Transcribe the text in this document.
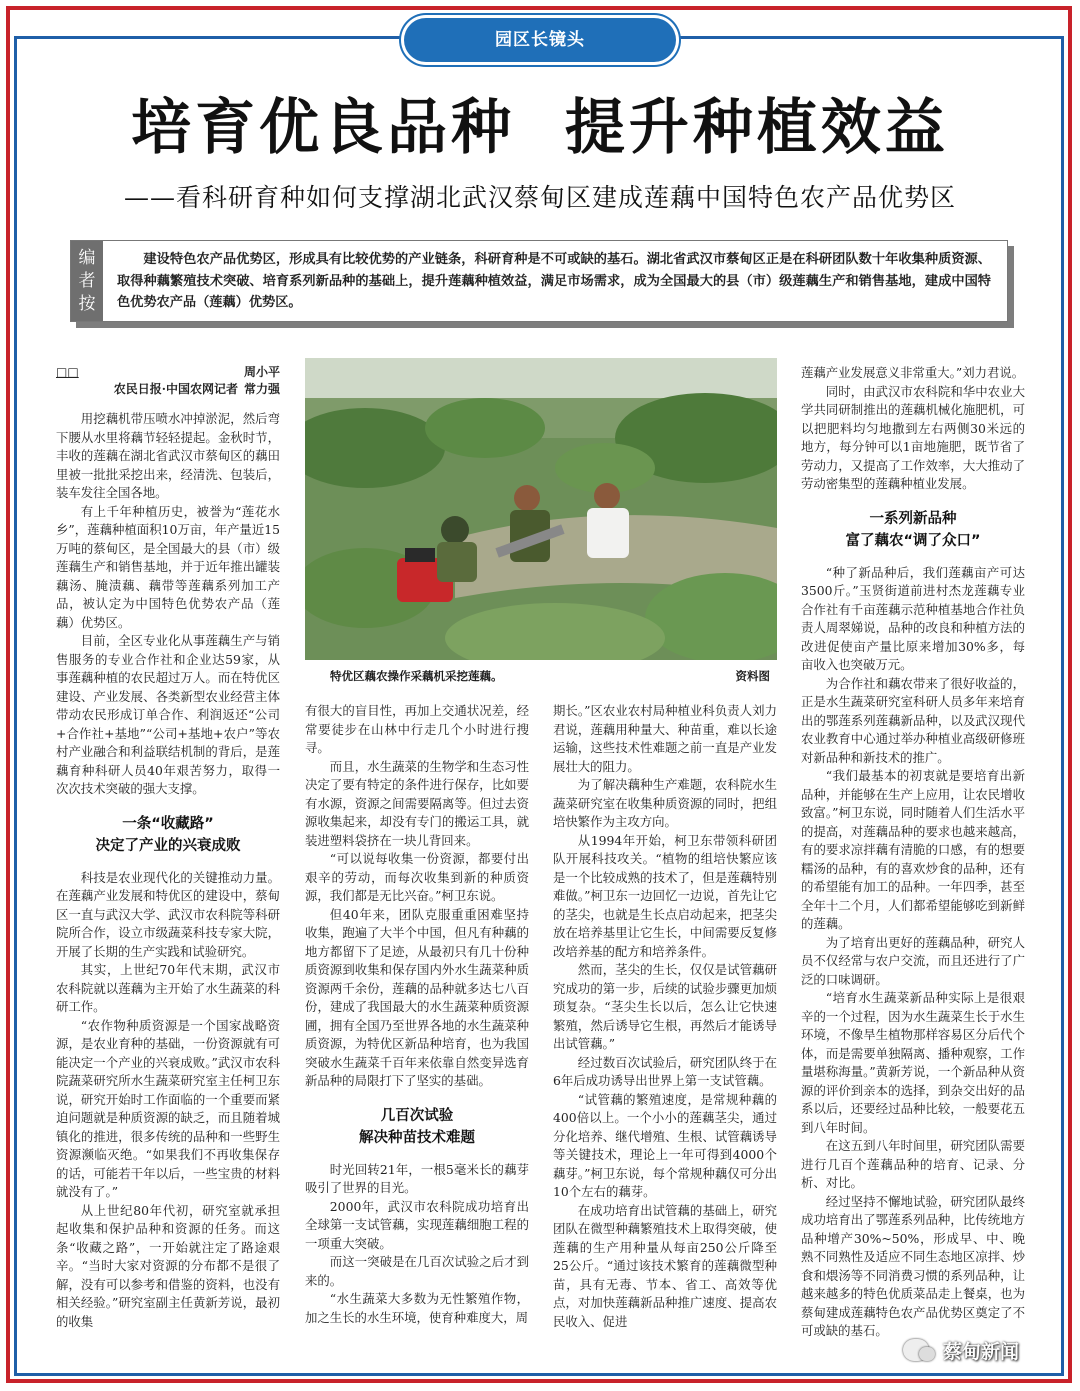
园区长镜头
培育优良品种  提升种植效益
——看科研育种如何支撑湖北武汉蔡甸区建成莲藕中国特色农产品优势区
编者按
建设特色农产品优势区，形成具有比较优势的产业链条，科研育种是不可或缺的基石。湖北省武汉市蔡甸区正是在科研团队数十年收集种质资源、取得种藕繁殖技术突破、培育系列新品种的基础上，提升莲藕种植效益，满足市场需求，成为全国最大的县（市）级莲藕生产和销售基地，建成中国特色优势农产品（莲藕）优势区。
□□	周小平
农民日报·中国农网记者 常力强

用挖藕机带压喷水冲掉淤泥，然后弯下腰从水里将藕节轻轻提起。金秋时节，丰收的莲藕在湖北省武汉市蔡甸区的藕田里被一批批采挖出来，经清洗、包装后，装车发往全国各地。

有上千年种植历史，被誉为“莲花水乡”，莲藕种植面积10万亩，年产量近15万吨的蔡甸区，是全国最大的县（市）级莲藕生产和销售基地，并于近年推出罐装藕汤、腌渍藕、藕带等莲藕系列加工产品，被认定为中国特色优势农产品（莲藕）优势区。

目前，全区专业化从事莲藕生产与销售服务的专业合作社和企业达59家，从事莲藕种植的农民超过万人。而在特优区建设、产业发展、各类新型农业经营主体带动农民形成订单合作、利润返还“公司+合作社+基地”“公司+基地+农户”等农村产业融合和利益联结机制的背后，是莲藕育种科研人员40年艰苦努力，取得一次次技术突破的强大支撑。

一条“收藏路”
决定了产业的兴衰成败

科技是农业现代化的关键推动力量。在莲藕产业发展和特优区的建设中，蔡甸区一直与武汉大学、武汉市农科院等科研院所合作，设立市级蔬菜科技专家大院，开展了长期的生产实践和试验研究。

其实，上世纪70年代末期，武汉市农科院就以莲藕为主开始了水生蔬菜的科研工作。

“农作物种质资源是一个国家战略资源，是农业育种的基础，一份资源就有可能决定一个产业的兴衰成败。”武汉市农科院蔬菜研究所水生蔬菜研究室主任柯卫东说，研究开始时工作面临的一个重要而紧迫问题就是种质资源的缺乏，而且随着城镇化的推进，很多传统的品种和一些野生资源濒临灭绝。“如果我们不再收集保存的话，可能若干年以后，一些宝贵的材料就没有了。”

从上世纪80年代初，研究室就承担起收集和保护品种和资源的任务。而这条“收藏之路”，一开始就注定了路途艰辛。“当时大家对资源的分布都不是很了解，没有可以参考和借鉴的资料，也没有相关经验。”研究室副主任黄新芳说，最初的收集

特优区藕农操作采藕机采挖莲藕。	资料图

有很大的盲目性，再加上交通状况差，经常要徒步在山林中行走几个小时进行搜寻。

而且，水生蔬菜的生物学和生态习性决定了要有特定的条件进行保存，比如要有水源，资源之间需要隔离等。但过去资源收集起来，却没有专门的搬运工具，就装进塑料袋挤在一块儿背回来。

“可以说每收集一份资源，都要付出艰辛的劳动，而每次收集到新的种质资源，我们都是无比兴奋。”柯卫东说。

但40年来，团队克服重重困难坚持收集，跑遍了大半个中国，但凡有种藕的地方都留下了足迹，从最初只有几十份种质资源到收集和保存国内外水生蔬菜种质资源两千余份，莲藕的品种就多达七八百份，建成了我国最大的水生蔬菜种质资源圃，拥有全国乃至世界各地的水生蔬菜种质资源，为特优区新品种培育，也为我国突破水生蔬菜千百年来依靠自然变异选育新品种的局限打下了坚实的基础。

几百次试验
解决种苗技术难题

时光回转21年，一根5毫米长的藕芽吸引了世界的目光。

2000年，武汉市农科院成功培育出全球第一支试管藕，实现莲藕细胞工程的一项重大突破。

而这一突破是在几百次试验之后才到来的。

“水生蔬菜大多数为无性繁殖作物，加之生长的水生环境，使育种难度大，周

期长。”区农业农村局种植业科负责人刘力君说，莲藕用种量大、种苗重，难以长途运输，这些技术性难题之前一直是产业发展壮大的阻力。

为了解决藕种生产难题，农科院水生蔬菜研究室在收集种质资源的同时，把组培快繁作为主攻方向。

从1994年开始，柯卫东带领科研团队开展科技攻关。“植物的组培快繁应该是一个比较成熟的技术了，但是莲藕特别难做。”柯卫东一边回忆一边说，首先让它的茎尖，也就是生长点启动起来，把茎尖放在培养基里让它生长，中间需要反复修改培养基的配方和培养条件。

然而，茎尖的生长，仅仅是试管藕研究成功的第一步，后续的试验步骤更加烦琐复杂。“茎尖生长以后，怎么让它快速繁殖，然后诱导它生根，再然后才能诱导出试管藕。”

经过数百次试验后，研究团队终于在6年后成功诱导出世界上第一支试管藕。

“试管藕的繁殖速度，是常规种藕的400倍以上。一个小小的莲藕茎尖，通过分化培养、继代增殖、生根、试管藕诱导等关键技术，理论上一年可得到4000个藕芽。”柯卫东说，每个常规种藕仅可分出10个左右的藕芽。

在成功培育出试管藕的基础上，研究团队在微型种藕繁殖技术上取得突破，使莲藕的生产用种量从每亩250公斤降至25公斤。“通过该技术繁育的莲藕微型种苗，具有无毒、节本、省工、高效等优点，对加快莲藕新品种推广速度、提高农民收入、促进

莲藕产业发展意义非常重大。”刘力君说。

同时，由武汉市农科院和华中农业大学共同研制推出的莲藕机械化施肥机，可以把肥料均匀地撒到左右两侧30米远的地方，每分钟可以1亩地施肥，既节省了劳动力，又提高了工作效率，大大推动了劳动密集型的莲藕种植业发展。

一系列新品种
富了藕农“调了众口”

“种了新品种后，我们莲藕亩产可达3500斤。”玉贤街道前进村杰龙莲藕专业合作社有千亩莲藕示范种植基地合作社负责人周翠娣说，品种的改良和种植方法的改进促使亩产量比原来增加30%多，每亩收入也突破万元。

为合作社和藕农带来了很好收益的，正是水生蔬菜研究室科研人员多年来培育出的鄂莲系列莲藕新品种，以及武汉现代农业教育中心通过举办种植业高级研修班对新品种和新技术的推广。

“我们最基本的初衷就是要培育出新品种，并能够在生产上应用，让农民增收致富。”柯卫东说，同时随着人们生活水平的提高，对莲藕品种的要求也越来越高，有的要求凉拌藕有清脆的口感，有的想要糯汤的品种，有的喜欢炒食的品种，还有的希望能有加工的品种。一年四季，甚至全年十二个月，人们都希望能够吃到新鲜的莲藕。

为了培育出更好的莲藕品种，研究人员不仅经常与农户交流，而且还进行了广泛的口味调研。

“培育水生蔬菜新品种实际上是很艰辛的一个过程，因为水生蔬菜生长于水生环境，不像旱生植物那样容易区分后代个体，而是需要单独隔离、播种观察，工作量堪称海量。”黄新芳说，一个新品种从资源的评价到亲本的选择，到杂交出好的品系以后，还要经过品种比较，一般要花五到八年时间。

在这五到八年时间里，研究团队需要进行几百个莲藕品种的培育、记录、分析、对比。

经过坚持不懈地试验，研究团队最终成功培育出了鄂莲系列品种，比传统地方品种增产30%~50%，形成早、中、晚熟不同熟性及适应不同生态地区凉拌、炒食和煨汤等不同消费习惯的系列品种，让越来越多的特色优质菜品走上餐桌，也为蔡甸建成莲藕特色农产品优势区奠定了不可或缺的基石。

蔡甸新闻
